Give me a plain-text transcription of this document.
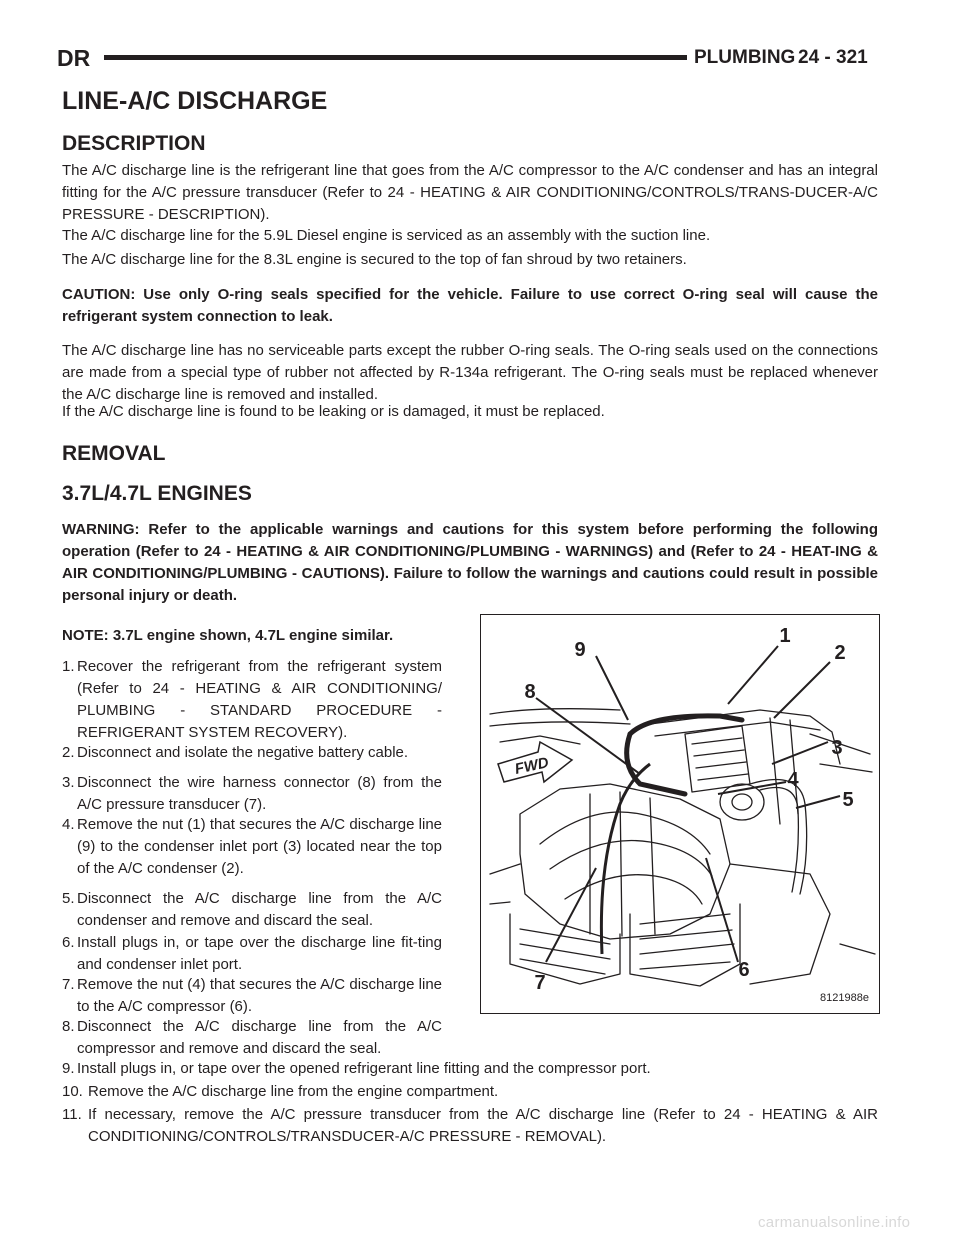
DR	PLUMBING 24 - 321
LINE-A/C DISCHARGE
DESCRIPTION
The A/C discharge line is the refrigerant line that goes from the A/C compressor to the A/C condenser and has an integral fitting for the A/C pressure transducer (Refer to 24 - HEATING & AIR CONDITIONING/CONTROLS/TRANS-DUCER-A/C PRESSURE - DESCRIPTION).
The A/C discharge line for the 5.9L Diesel engine is serviced as an assembly with the suction line.
The A/C discharge line for the 8.3L engine is secured to the top of fan shroud by two retainers.
CAUTION: Use only O-ring seals specified for the vehicle. Failure to use correct O-ring seal will cause the refrigerant system connection to leak.
The A/C discharge line has no serviceable parts except the rubber O-ring seals. The O-ring seals used on the connections are made from a special type of rubber not affected by R-134a refrigerant. The O-ring seals must be replaced whenever the A/C discharge line is removed and installed.
If the A/C discharge line is found to be leaking or is damaged, it must be replaced.
REMOVAL
3.7L/4.7L ENGINES
WARNING: Refer to the applicable warnings and cautions for this system before performing the following operation (Refer to 24 - HEATING & AIR CONDITIONING/PLUMBING - WARNINGS) and (Refer to 24 - HEAT-ING & AIR CONDITIONING/PLUMBING - CAUTIONS). Failure to follow the warnings and cautions could result in possible personal injury or death.
NOTE: 3.7L engine shown, 4.7L engine similar.
1. Recover the refrigerant from the refrigerant system (Refer to 24 - HEATING & AIR CONDITIONING/ PLUMBING - STANDARD PROCEDURE - REFRIGERANT SYSTEM RECOVERY).
2. Disconnect and isolate the negative battery cable.
3. Disconnect the wire harness connector (8) from the A/C pressure transducer (7).
4. Remove the nut (1) that secures the A/C discharge line (9) to the condenser inlet port (3) located near the top of the A/C condenser (2).
5. Disconnect the A/C discharge line from the A/C condenser and remove and discard the seal.
6. Install plugs in, or tape over the discharge line fit-ting and condenser inlet port.
7. Remove the nut (4) that secures the A/C discharge line to the A/C compressor (6).
8. Disconnect the A/C discharge line from the A/C compressor and remove and discard the seal.
9. Install plugs in, or tape over the opened refrigerant line fitting and the compressor port.
10. Remove the A/C discharge line from the engine compartment.
11. If necessary, remove the A/C pressure transducer from the A/C discharge line (Refer to 24 - HEATING & AIR CONDITIONING/CONTROLS/TRANSDUCER-A/C PRESSURE - REMOVAL).
FWD
1
2
3
4
5
6
7
8
9
8121988e
carmanualsonline.info
